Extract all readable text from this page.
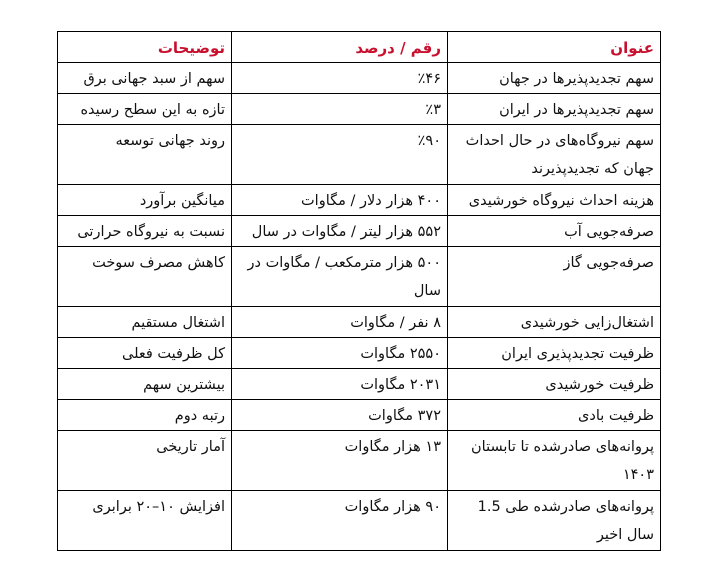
عنوان	رقم / درصد	توضیحات
سهم تجدیدپذیرها در جهان	٪۴۶	سهم از سبد جهانی برق
سهم تجدیدپذیرها در ایران	٪۳	تازه به این سطح رسیده
سهم نیروگاه‌های در حال احداث جهان که تجدیدپذیرند	٪۹۰	روند جهانی توسعه
هزینه احداث نیروگاه خورشیدی	۴۰۰ هزار دلار / مگاوات	میانگین برآورد
صرفه‌جویی آب	۵۵۲ هزار لیتر / مگاوات در سال	نسبت به نیروگاه حرارتی
صرفه‌جویی گاز	۵۰۰ هزار مترمکعب / مگاوات در سال	کاهش مصرف سوخت
اشتغال‌زایی خورشیدی	۸ نفر / مگاوات	اشتغال مستقیم
ظرفیت تجدیدپذیری ایران	۲۵۵۰ مگاوات	کل ظرفیت فعلی
ظرفیت خورشیدی	۲۰۳۱ مگاوات	بیشترین سهم
ظرفیت بادی	۳۷۲ مگاوات	رتبه دوم
پروانه‌های صادرشده تا تابستان ۱۴۰۳	۱۳ هزار مگاوات	آمار تاریخی
پروانه‌های صادرشده طی 1.5 سال اخیر	۹۰ هزار مگاوات	افزایش ۱۰–۲۰ برابری
